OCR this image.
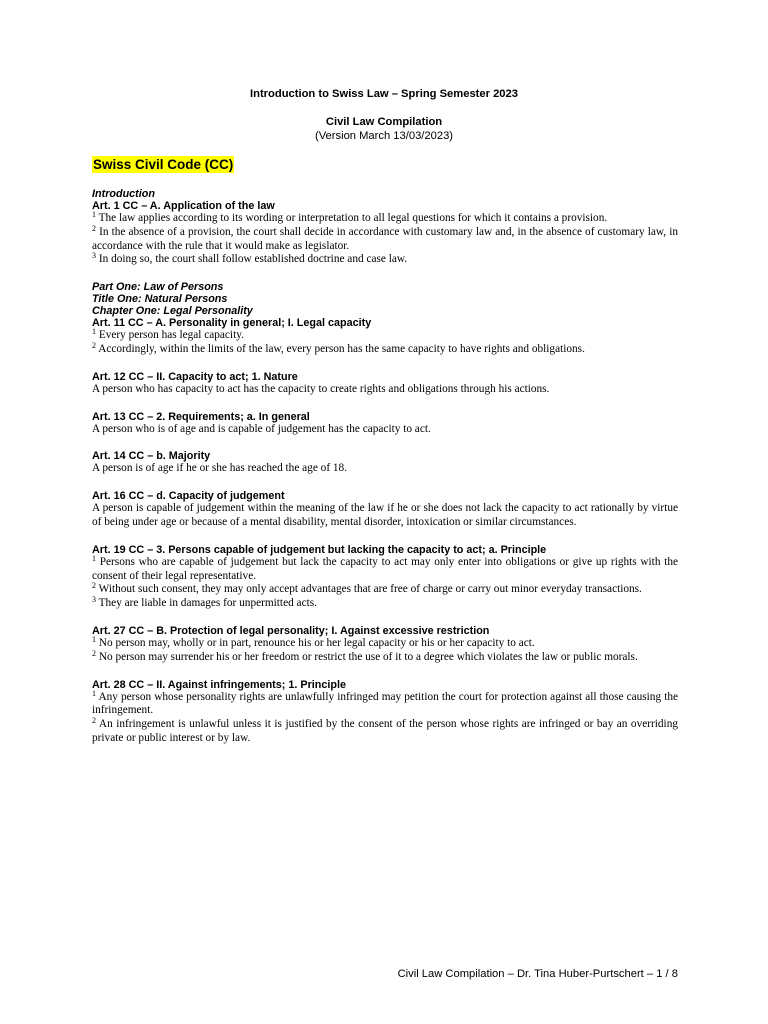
Introduction to Swiss Law – Spring Semester 2023
Civil Law Compilation
(Version March 13/03/2023)
Swiss Civil Code (CC)
Introduction
Art. 1 CC – A. Application of the law
$^1$ The law applies according to its wording or interpretation to all legal questions for which it contains a provision.
$^2$ In the absence of a provision, the court shall decide in accordance with customary law and, in the absence of customary law, in accordance with the rule that it would make as legislator.
$^3$ In doing so, the court shall follow established doctrine and case law.
Part One: Law of Persons
Title One: Natural Persons
Chapter One: Legal Personality
Art. 11 CC – A. Personality in general; I. Legal capacity
$^1$ Every person has legal capacity.
$^2$ Accordingly, within the limits of the law, every person has the same capacity to have rights and obligations.
Art. 12 CC – II. Capacity to act; 1. Nature
A person who has capacity to act has the capacity to create rights and obligations through his actions.
Art. 13 CC – 2. Requirements; a. In general
A person who is of age and is capable of judgement has the capacity to act.
Art. 14 CC – b. Majority
A person is of age if he or she has reached the age of 18.
Art. 16 CC – d. Capacity of judgement
A person is capable of judgement within the meaning of the law if he or she does not lack the capacity to act rationally by virtue of being under age or because of a mental disability, mental disorder, intoxication or similar circumstances.
Art. 19 CC – 3. Persons capable of judgement but lacking the capacity to act; a. Principle
$^1$ Persons who are capable of judgement but lack the capacity to act may only enter into obligations or give up rights with the consent of their legal representative.
$^2$ Without such consent, they may only accept advantages that are free of charge or carry out minor everyday transactions.
$^3$ They are liable in damages for unpermitted acts.
Art. 27 CC – B. Protection of legal personality; I. Against excessive restriction
$^1$ No person may, wholly or in part, renounce his or her legal capacity or his or her capacity to act.
$^2$ No person may surrender his or her freedom or restrict the use of it to a degree which violates the law or public morals.
Art. 28 CC – II. Against infringements; 1. Principle
$^1$ Any person whose personality rights are unlawfully infringed may petition the court for protection against all those causing the infringement.
$^2$ An infringement is unlawful unless it is justified by the consent of the person whose rights are infringed or bay an overriding private or public interest or by law.
Civil Law Compilation – Dr. Tina Huber-Purtschert – 1 / 8
